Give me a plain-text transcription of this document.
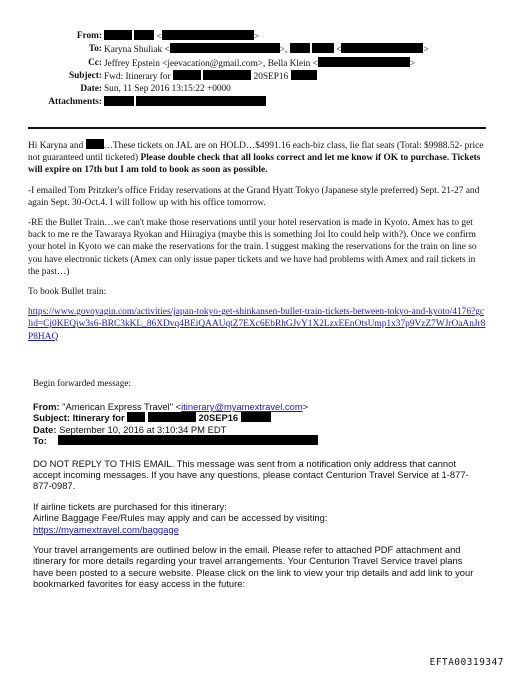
From:	<	>
To: Karyna Shuliak <	>,	<	>
Cc: Jeffrey Epstein <jeevacation@gmail.com>, Bella Klein <	>
Subject: Fwd: Itinerary for	20SEP16
Date: Sun, 11 Sep 2016 13:15:22 +0000
Attachments:

Hi Karyna and …These tickets on JAL are on HOLD…$4991.16 each-biz class, lie flat seats (Total: $9988.52- price not guaranteed until ticketed) Please double check that all looks correct and let me know if OK to purchase. Tickets will expire on 17th but I am told to book as soon as possible.

-I emailed Tom Pritzker's office Friday reservations at the Grand Hyatt Tokyo (Japanese style preferred) Sept. 21-27 and again Sept. 30-Oct.4. I will follow up with his office tomorrow.

-RE the Bullet Train…we can't make those reservations until your hotel reservation is made in Kyoto. Amex has to get back to me re the Tawaraya Ryokan and Hiiragiya (maybe this is something Joi Ito could help with?). Once we confirm your hotel in Kyoto we can make the reservations for the train. I suggest making the reservations for the train on line so you have electronic tickets (Amex can only issue paper tickets and we have had problems with Amex and rail tickets in the past…)

To book Bullet train:

https://www.govoyagin.com/activities/japan-tokyo-get-shinkansen-bullet-train-tickets-between-tokyo-and-kyoto/4176?gclid=Cj0KEQjw3s6-BRC3kKL_86XDvq4BEiQAAUqtZ7EXc6EbRhGJvY1X2LzxEEnOtsUmp1x37p9VzZ7WJrOaAnJr8P8HAQ

Begin forwarded message:
From: "American Express Travel" <itinerary@myamextravel.com>
Subject: Itinerary for	20SEP16
Date: September 10, 2016 at 3:10:34 PM EDT
To:

DO NOT REPLY TO THIS EMAIL. This message was sent from a notification only address that cannot accept incoming messages. If you have any questions, please contact Centurion Travel Service at 1-877-877-0987.

If airline tickets are purchased for this itinerary:
Airline Baggage Fee/Rules may apply and can be accessed by visiting:
https://myamextravel.com/baggage

Your travel arrangements are outlined below in the email. Please refer to attached PDF attachment and itinerary for more details regarding your travel arrangements. Your Centurion Travel Service travel plans have been posted to a secure website. Please click on the link to view your trip details and add link to your bookmarked favorites for easy access in the future:

EFTA00319347
